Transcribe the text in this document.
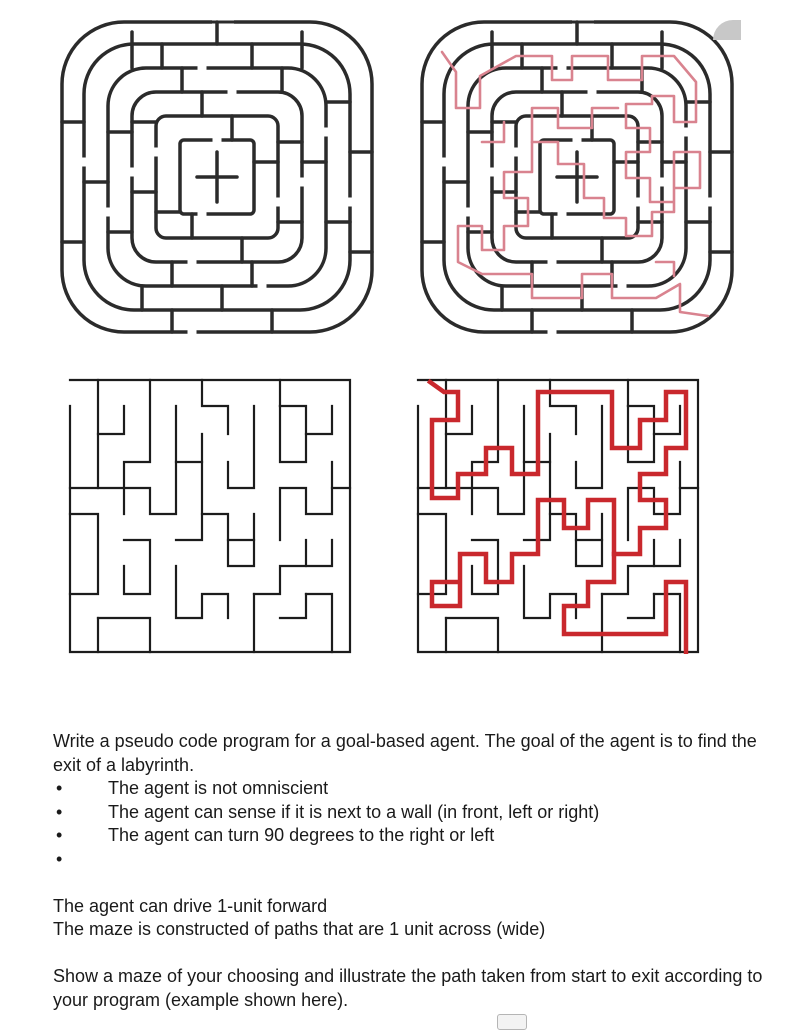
Write a pseudo code program for a goal-based agent. The goal of the agent is to find the exit of a labyrinth.

•	The agent is not omniscient
•	The agent can sense if it is next to a wall (in front, left or right)
•	The agent can turn 90 degrees to the right or left
•

The agent can drive 1-unit forward

The maze is constructed of paths that are 1 unit across (wide)

Show a maze of your choosing and illustrate the path taken from start to exit according to your program (example shown here).
